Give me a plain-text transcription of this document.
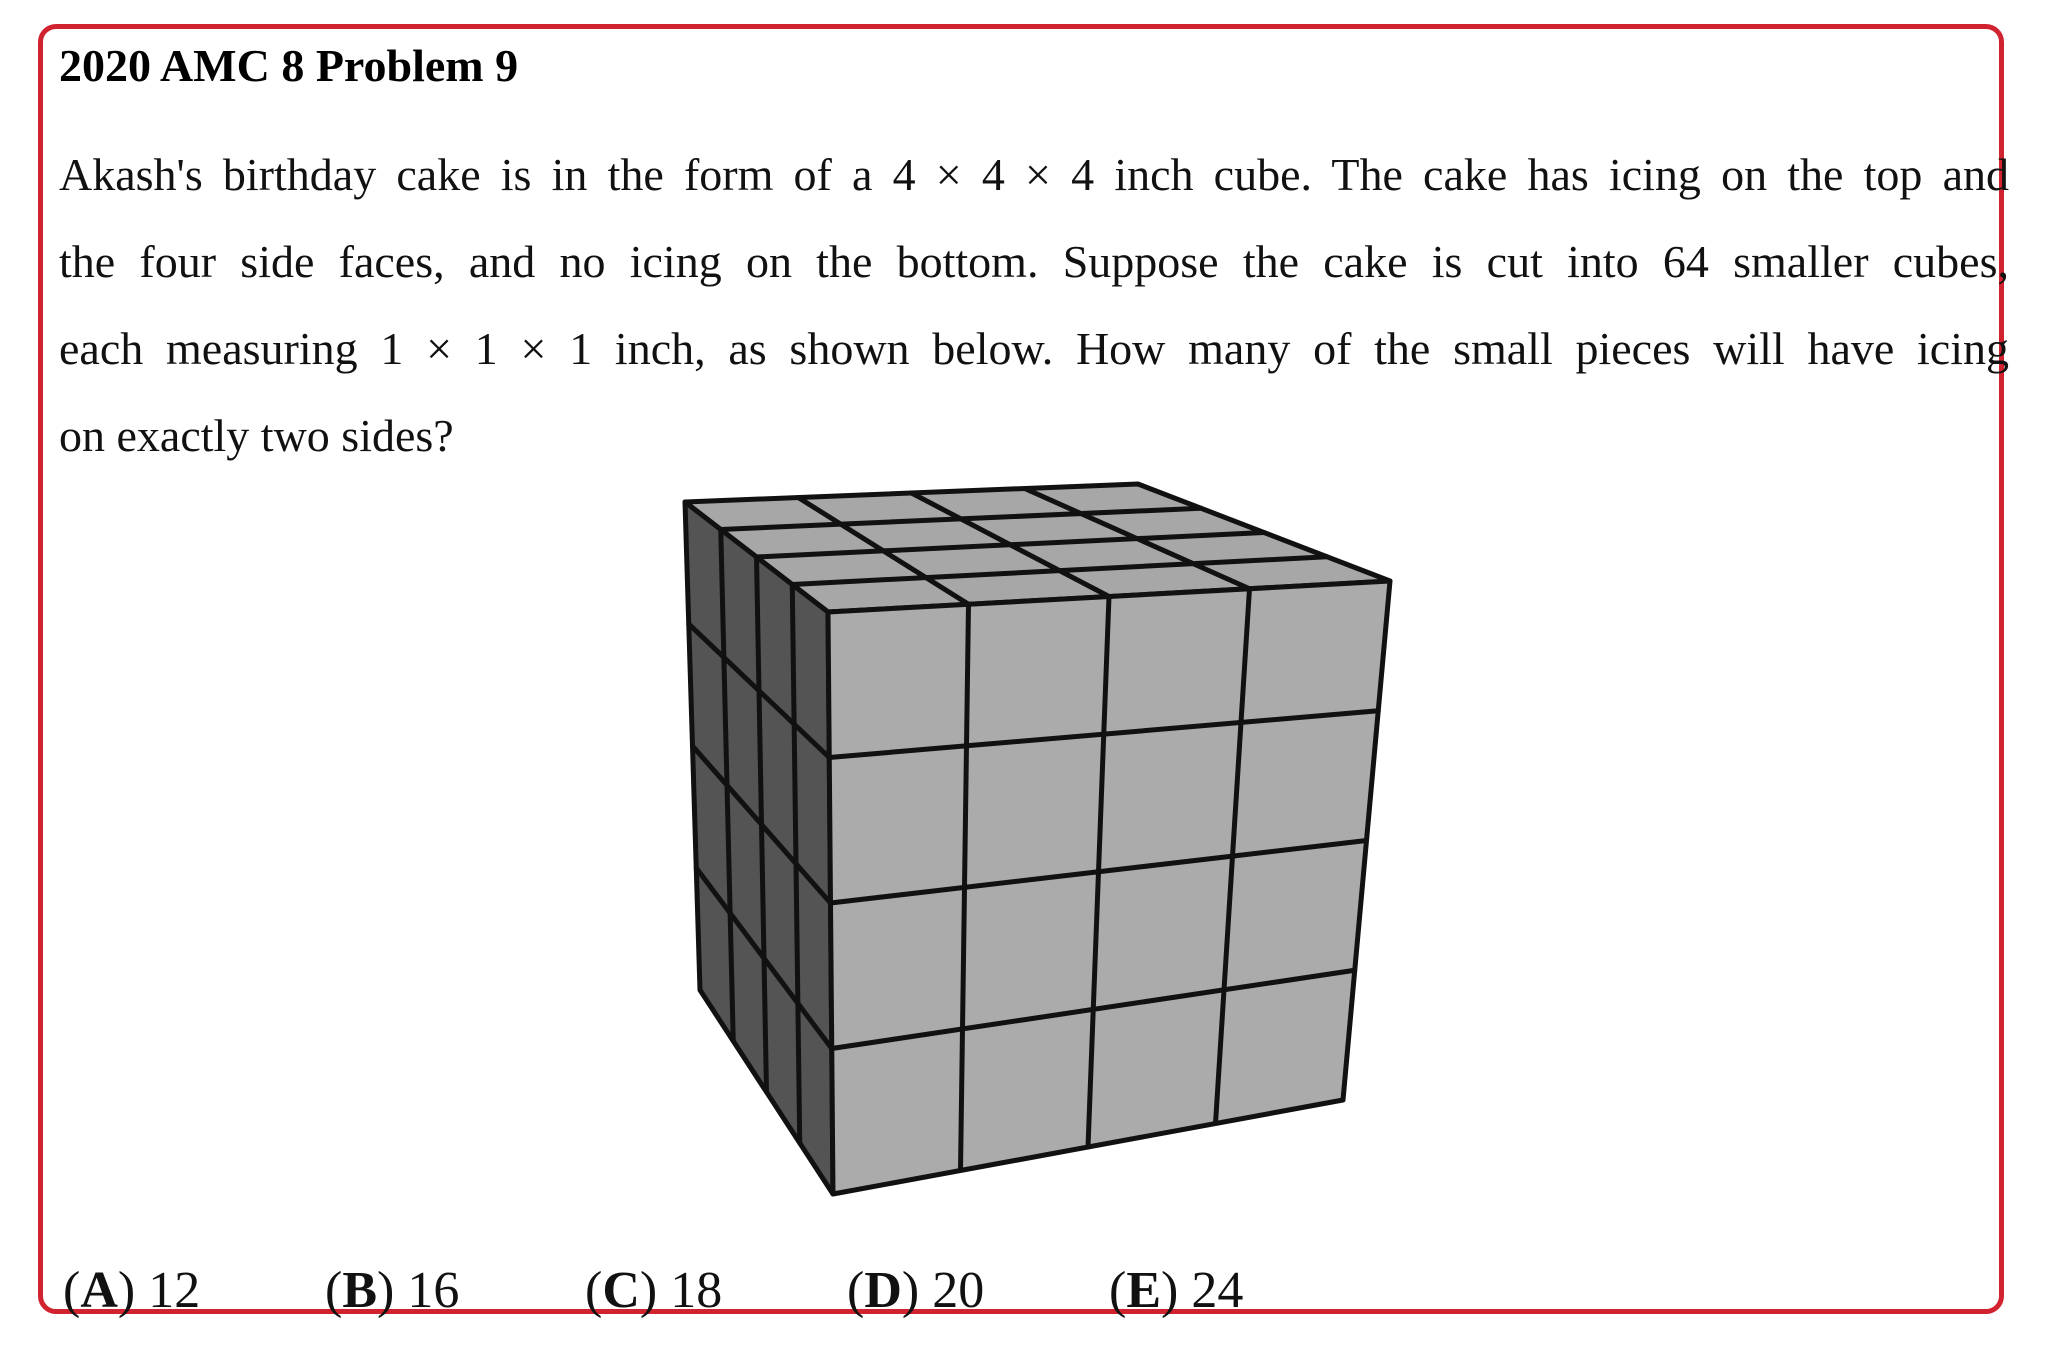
2020 AMC 8 Problem 9
Akash's birthday cake is in the form of a 4 × 4 × 4 inch cube. The cake has icing on the top and
the four side faces, and no icing on the bottom. Suppose the cake is cut into 64 smaller cubes,
each measuring 1 × 1 × 1 inch, as shown below. How many of the small pieces will have icing
on exactly two sides?
(A) 12 (B) 16 (C) 18 (D) 20 (E) 24
